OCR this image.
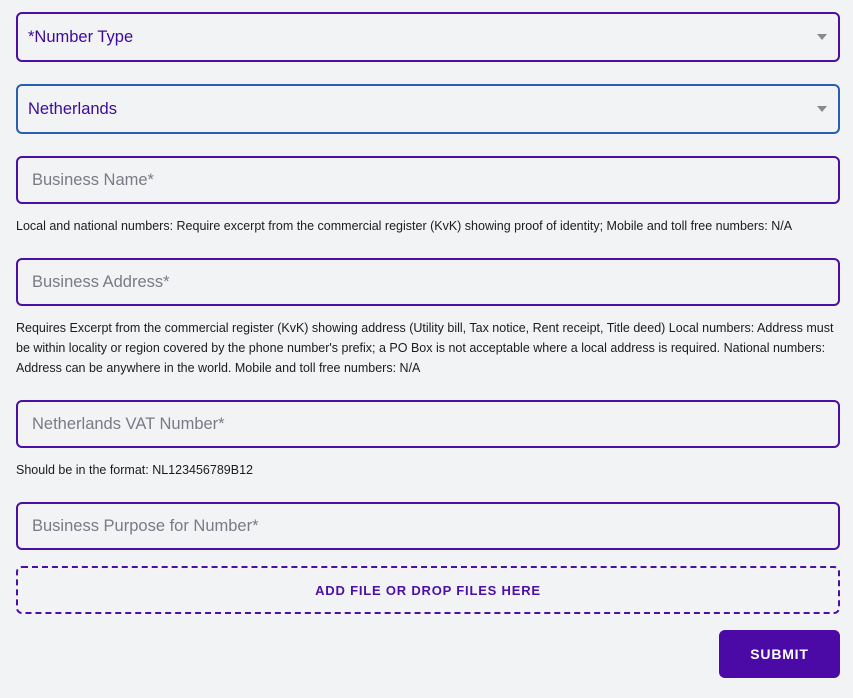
*Number Type
Netherlands
Business Name*
Local and national numbers: Require excerpt from the commercial register (KvK) showing proof of identity; Mobile and toll free numbers: N/A
Business Address*
Requires Excerpt from the commercial register (KvK) showing address (Utility bill, Tax notice, Rent receipt, Title deed) Local numbers: Address must be within locality or region covered by the phone number's prefix; a PO Box is not acceptable where a local address is required. National numbers: Address can be anywhere in the world. Mobile and toll free numbers: N/A
Netherlands VAT Number*
Should be in the format: NL123456789B12
Business Purpose for Number*
ADD FILE OR DROP FILES HERE
SUBMIT
